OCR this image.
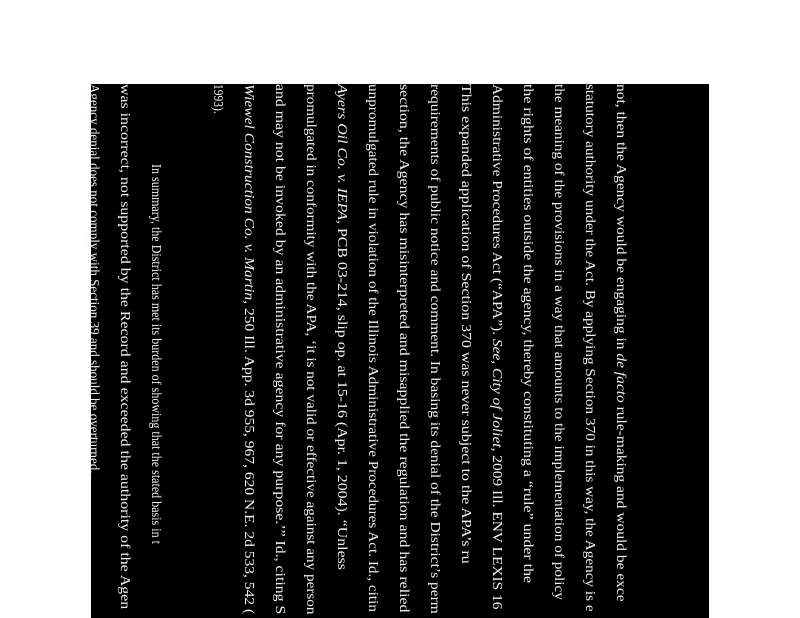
not, then the Agency would be engaging in de facto rule-making and would be exce
statutory authority under the Act. By applying Section 370 in this way, the Agency is e
the meaning of the provisions in a way that amounts to the implementation of policy
the rights of entities outside the agency, thereby constituting a “rule” under the
Administrative Procedures Act (“APA”). See, City of Joliet, 2009 Ill. ENV LEXIS 16
This expanded application of Section 370 was never subject to the APA’s ru
requirements of public notice and comment. In basing its denial of the District’s perm
section, the Agency has misinterpreted and misapplied the regulation and has relied
unpromulgated rule in violation of the Illinois Administrative Procedures Act. Id., citin
Ayers Oil Co. v. IEPA, PCB 03-214, slip op. at 15-16 (Apr. 1, 2004). “Unless
promulgated in conformity with the APA, ‘it is not valid or effective against any person
and may not be invoked by an administrative agency for any purpose.’” Id., citing S
Wiewel Construction Co. v. Martin, 250 Ill. App. 3d 955, 967, 620 N.E. 2d 533, 542 (
1993).
In summary, the District has met its burden of showing that the stated basis in t
was incorrect, not supported by the Record and exceeded the authority of the Agen
Agency denial does not comply with Section 39 and should be overturned.
